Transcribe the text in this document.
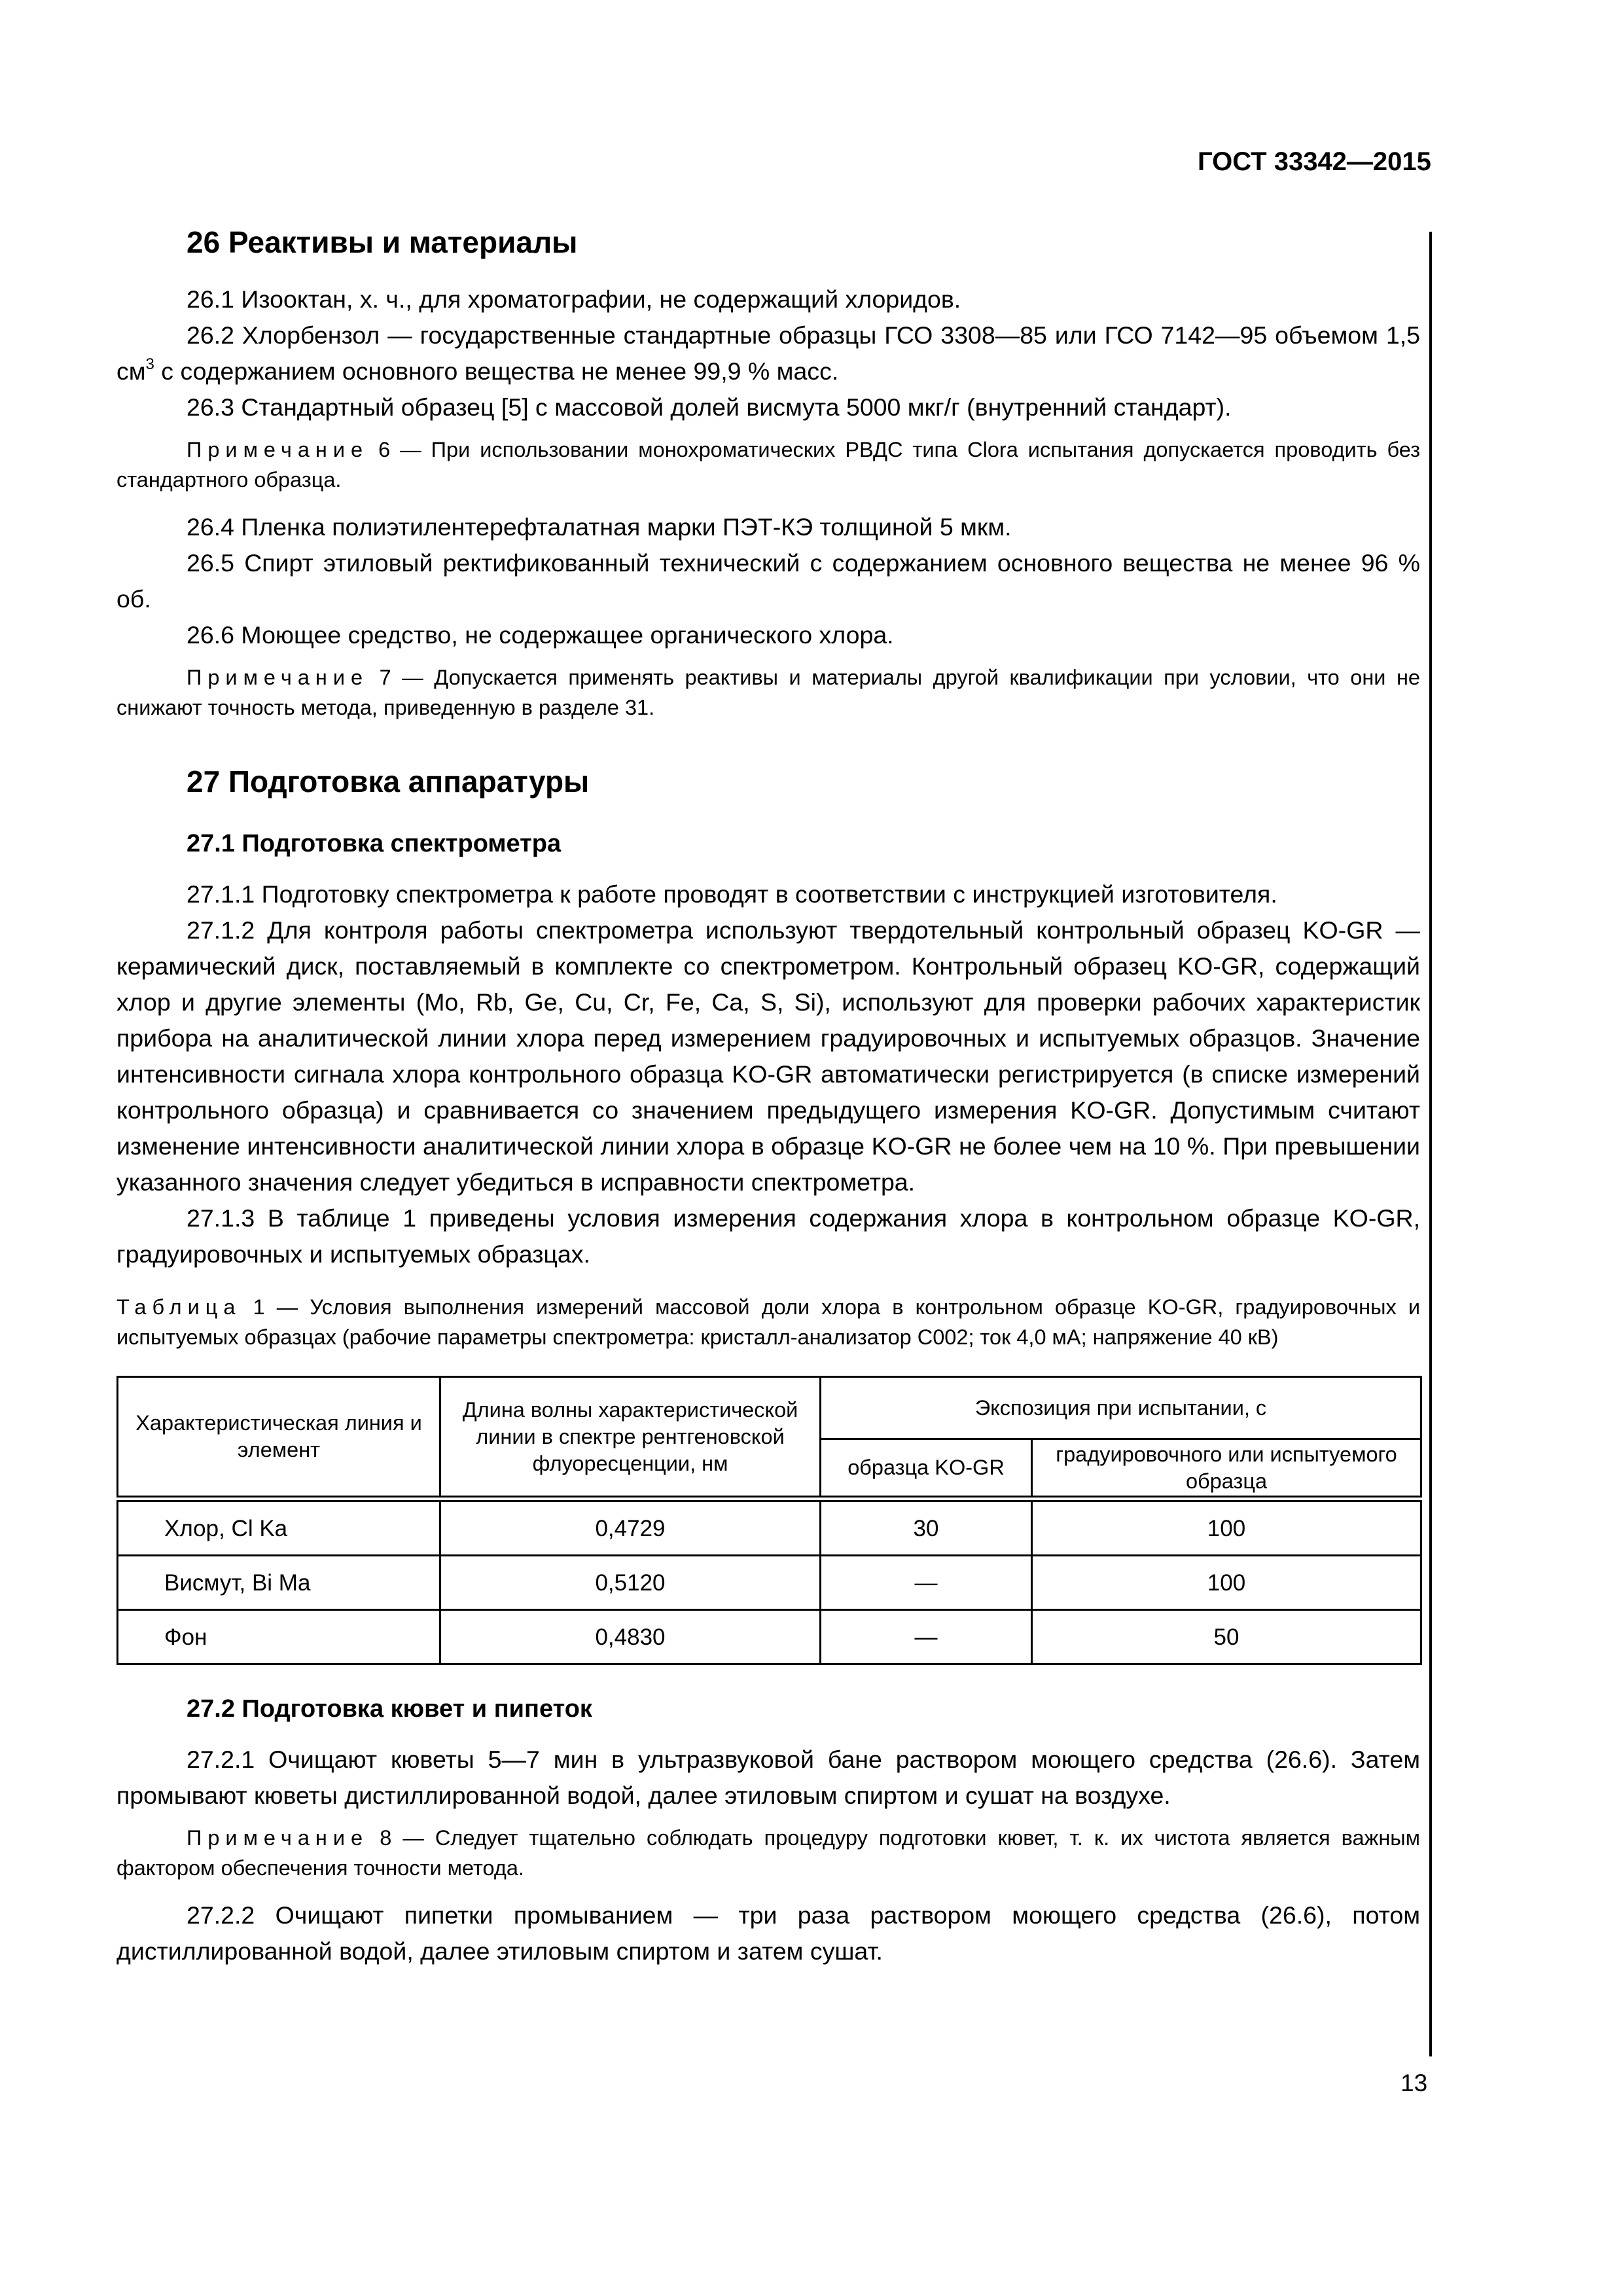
ГОСТ 33342—2015
26 Реактивы и материалы

26.1 Изооктан, х. ч., для хроматографии, не содержащий хлоридов.

26.2 Хлорбензол — государственные стандартные образцы ГСО 3308—85 или ГСО 7142—95 объемом 1,5 $см^3$ с содержанием основного вещества не менее 99,9 % масс.

26.3 Стандартный образец [5] с массовой долей висмута 5000 мкг/г (внутренний стандарт).

Примечание 6 — При использовании монохроматических РВДС типа Clora испытания допускается проводить без стандартного образца.

26.4 Пленка полиэтилентерефталатная марки ПЭТ-КЭ толщиной 5 мкм.

26.5 Спирт этиловый ректификованный технический с содержанием основного вещества не менее 96 % об.

26.6 Моющее средство, не содержащее органического хлора.

Примечание 7 — Допускается применять реактивы и материалы другой квалификации при условии, что они не снижают точность метода, приведенную в разделе 31.

27 Подготовка аппаратуры
27.1 Подготовка спектрометра

27.1.1 Подготовку спектрометра к работе проводят в соответствии с инструкцией изготовителя.

27.1.2 Для контроля работы спектрометра используют твердотельный контрольный образец KO-GR — керамический диск, поставляемый в комплекте со спектрометром. Контрольный образец KO-GR, содержащий хлор и другие элементы (Mo, Rb, Ge, Cu, Cr, Fe, Ca, S, Si), используют для проверки рабочих характеристик прибора на аналитической линии хлора перед измерением градуировочных и испытуемых образцов. Значение интенсивности сигнала хлора контрольного образца KO-GR автоматически регистрируется (в списке измерений контрольного образца) и сравнивается со значением предыдущего измерения KO-GR. Допустимым считают изменение интенсивности аналитической линии хлора в образце KO-GR не более чем на 10 %. При превышении указанного значения следует убедиться в исправности спектрометра.

27.1.3 В таблице 1 приведены условия измерения содержания хлора в контрольном образце KO-GR, градуировочных и испытуемых образцах.

Таблица 1 — Условия выполнения измерений массовой доли хлора в контрольном образце KO-GR, градуировочных и испытуемых образцах (рабочие параметры спектрометра: кристалл-анализатор C002; ток 4,0 мА; напряжение 40 кВ)

Характеристическая линия и элемент	Длина волны характеристической линии в спектре рентгеновской флуоресценции, нм	Экспозиция при испытании, с	
		образца KO-GR	градуировочного или испытуемого образца
Хлор, Cl Ka	0,4729	30	100
Висмут, Bi Ma	0,5120	—	100
Фон	0,4830	—	50
27.2 Подготовка кювет и пипеток

27.2.1 Очищают кюветы 5—7 мин в ультразвуковой бане раствором моющего средства (26.6). Затем промывают кюветы дистиллированной водой, далее этиловым спиртом и сушат на воздухе.

Примечание 8 — Следует тщательно соблюдать процедуру подготовки кювет, т. к. их чистота является важным фактором обеспечения точности метода.

27.2.2 Очищают пипетки промыванием — три раза раствором моющего средства (26.6), потом дистиллированной водой, далее этиловым спиртом и затем сушат.

13
